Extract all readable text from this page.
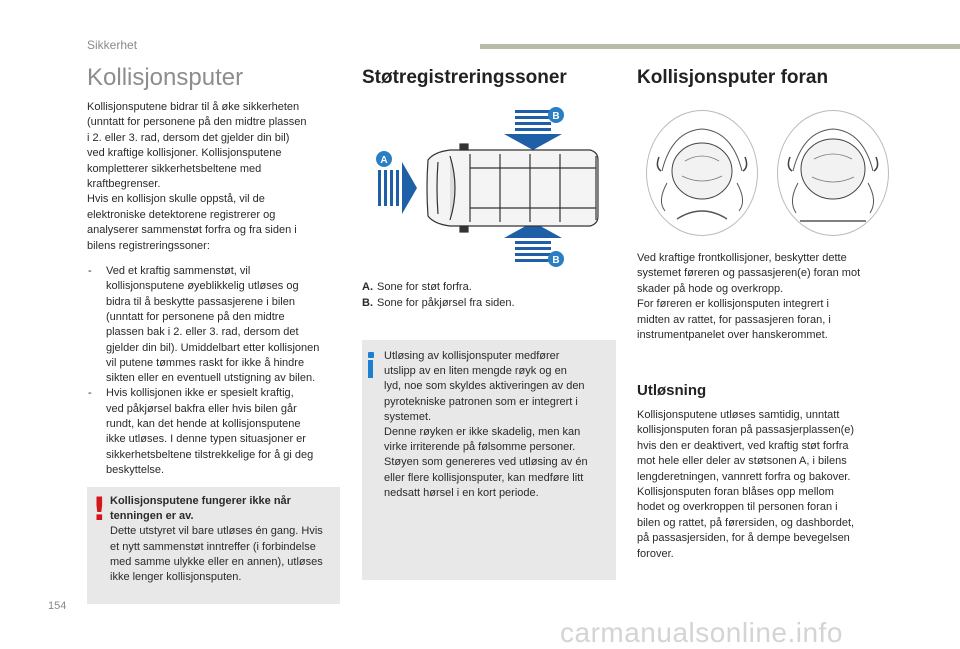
Sikkerhet
154
carmanualsonline.info
Kollisjonsputer
Kollisjonsputene bidrar til å øke sikkerheten
(unntatt for personene på den midtre plassen
i 2. eller 3. rad, dersom det gjelder din bil)
ved kraftige kollisjoner. Kollisjonsputene
kompletterer sikkerhetsbeltene med
kraftbegrenser.
Hvis en kollisjon skulle oppstå, vil de
elektroniske detektorene registrerer og
analyserer sammenstøt forfra og fra siden i
bilens registreringssoner:
- Ved et kraftig sammenstøt, vil
kollisjonsputene øyeblikkelig utløses og
bidra til å beskytte passasjerene i bilen
(unntatt for personene på den midtre
plassen bak i 2. eller 3. rad, dersom det
gjelder din bil). Umiddelbart etter kollisjonen
vil putene tømmes raskt for ikke å hindre
sikten eller en eventuell utstigning av bilen.
- Hvis kollisjonen ikke er spesielt kraftig,
ved påkjørsel bakfra eller hvis bilen går
rundt, kan det hende at kollisjonsputene
ikke utløses. I denne typen situasjoner er
sikkerhetsbeltene tilstrekkelige for å gi deg
beskyttelse.
! Kollisjonsputene fungerer ikke når
tenningen er av.
Dette utstyret vil bare utløses én gang. Hvis
et nytt sammenstøt inntreffer (i forbindelse
med samme ulykke eller en annen), utløses
ikke lenger kollisjonsputen.
Støtregistreringssoner
B
B
A
A. Sone for støt forfra.
B. Sone for påkjørsel fra siden.
Utløsing av kollisjonsputer medfører
utslipp av en liten mengde røyk og en
lyd, noe som skyldes aktiveringen av den
pyrotekniske patronen som er integrert i
systemet.
Denne røyken er ikke skadelig, men kan
virke irriterende på følsomme personer.
Støyen som genereres ved utløsing av én
eller flere kollisjonsputer, kan medføre litt
nedsatt hørsel i en kort periode.
Kollisjonsputer foran
Ved kraftige frontkollisjoner, beskytter dette
systemet føreren og passasjeren(e) foran mot
skader på hode og overkropp.
For føreren er kollisjonsputen integrert i
midten av rattet, for passasjeren foran, i
instrumentpanelet over hanskerommet.
Utløsning
Kollisjonsputene utløses samtidig, unntatt
kollisjonsputen foran på passasjerplassen(e)
hvis den er deaktivert, ved kraftig støt forfra
mot hele eller deler av støtsonen A, i bilens
lengderetningen, vannrett forfra og bakover.
Kollisjonsputen foran blåses opp mellom
hodet og overkroppen til personen foran i
bilen og rattet, på førersiden, og dashbordet,
på passasjersiden, for å dempe bevegelsen
forover.
